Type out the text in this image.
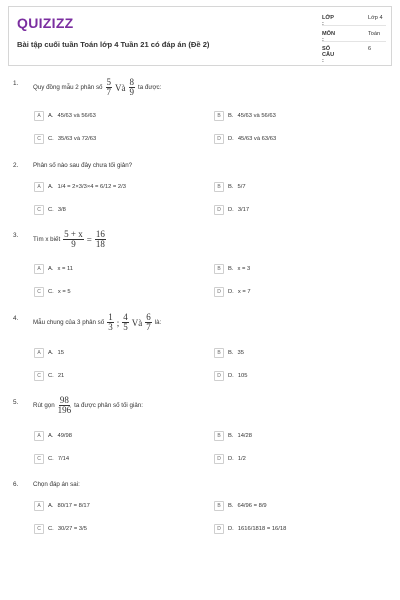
QUIZIZZ
Bài tập cuối tuần Toán lớp 4 Tuần 21 có đáp án (Đề 2)
LỚP :
Lớp 4
MÔN :
Toán
SỐ CÂU :
6
1.
Quy đồng mẫu 2 phân số $\frac{5}{7}$ Và $\frac{8}{9}$ ta được:
A	A. 45/63 và 56/63	B	B. 45/63 và 56/63
C	C. 35/63 và 72/63	D	D. 45/63 và 63/63
2. Phân số nào sau đây chưa tối giản?
A	A. 1/4 = 2×3/3×4 = 6/12 = 2/3	B	B. 5/7
C	C. 3/8	D	D. 3/17
3.
Tìm x biết $\frac{5 + x}{9} = \frac{16}{18}$
A	A. x = 11	B	B. x = 3
C	C. x = 5	D	D. x = 7
4.
Mẫu chung của 3 phân số $\frac{1}{3}$ ; $\frac{4}{5}$ Và $\frac{6}{7}$ là:
A	A. 15	B	B. 35
C	C. 21	D	D. 105
5. Rút gọn $\frac{98}{196}$ ta được phân số tối giản:
A	A. 49/98	B	B. 14/28
C	C. 7/14	D	D. 1/2
6. Chọn đáp án sai:
A	A. 80/17 = 8/17	B	B. 64/96 = 8/9
C	C. 30/27 = 3/5	D	D. 1616/1818 = 16/18
